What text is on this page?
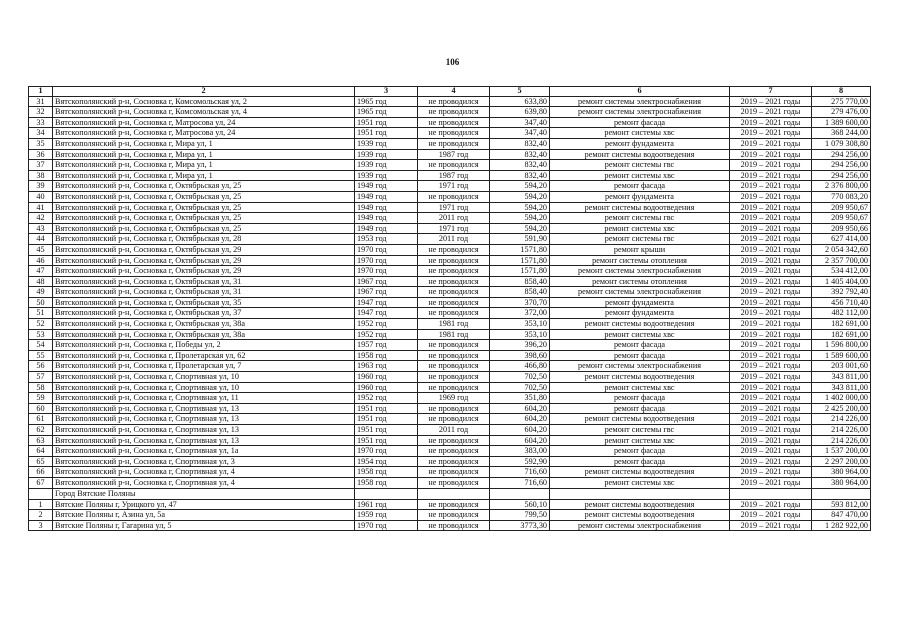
106
1	2	3	4	5	6	7	8
31	Вятскополянский р-н, Сосновка г, Комсомольская ул, 2	1965 год	не проводился	633,80	ремонт системы электроснабжения	2019 – 2021 годы	275 770,00
32	Вятскополянский р-н, Сосновка г, Комсомольская ул, 4	1965 год	не проводился	639,80	ремонт системы электроснабжения	2019 – 2021 годы	279 476,00
33	Вятскополянский р-н, Сосновка г, Матросова ул, 24	1951 год	не проводился	347,40	ремонт фасада	2019 – 2021 годы	1 389 600,00
34	Вятскополянский р-н, Сосновка г, Матросова ул, 24	1951 год	не проводился	347,40	ремонт системы хвс	2019 – 2021 годы	368 244,00
35	Вятскополянский р-н, Сосновка г, Мира ул, 1	1939 год	не проводился	832,40	ремонт фундамента	2019 – 2021 годы	1 079 308,80
36	Вятскополянский р-н, Сосновка г, Мира ул, 1	1939 год	1987 год	832,40	ремонт системы водоотведения	2019 – 2021 годы	294 256,00
37	Вятскополянский р-н, Сосновка г, Мира ул, 1	1939 год	не проводился	832,40	ремонт системы гвс	2019 – 2021 годы	294 256,00
38	Вятскополянский р-н, Сосновка г, Мира ул, 1	1939 год	1987 год	832,40	ремонт системы хвс	2019 – 2021 годы	294 256,00
39	Вятскополянский р-н, Сосновка г, Октябрьская ул, 25	1949 год	1971 год	594,20	ремонт фасада	2019 – 2021 годы	2 376 800,00
40	Вятскополянский р-н, Сосновка г, Октябрьская ул, 25	1949 год	не проводился	594,20	ремонт фундамента	2019 – 2021 годы	770 083,20
41	Вятскополянский р-н, Сосновка г, Октябрьская ул, 25	1949 год	1971 год	594,20	ремонт системы водоотведения	2019 – 2021 годы	209 950,67
42	Вятскополянский р-н, Сосновка г, Октябрьская ул, 25	1949 год	2011 год	594,20	ремонт системы гвс	2019 – 2021 годы	209 950,67
43	Вятскополянский р-н, Сосновка г, Октябрьская ул, 25	1949 год	1971 год	594,20	ремонт системы хвс	2019 – 2021 годы	209 950,66
44	Вятскополянский р-н, Сосновка г, Октябрьская ул, 28	1953 год	2011 год	591,90	ремонт системы гвс	2019 – 2021 годы	627 414,00
45	Вятскополянский р-н, Сосновка г, Октябрьская ул, 29	1970 год	не проводился	1571,80	ремонт крыши	2019 – 2021 годы	2 054 342,60
46	Вятскополянский р-н, Сосновка г, Октябрьская ул, 29	1970 год	не проводился	1571,80	ремонт системы отопления	2019 – 2021 годы	2 357 700,00
47	Вятскополянский р-н, Сосновка г, Октябрьская ул, 29	1970 год	не проводился	1571,80	ремонт системы электроснабжения	2019 – 2021 годы	534 412,00
48	Вятскополянский р-н, Сосновка г, Октябрьская ул, 31	1967 год	не проводился	858,40	ремонт системы отопления	2019 – 2021 годы	1 405 404,00
49	Вятскополянский р-н, Сосновка г, Октябрьская ул, 31	1967 год	не проводился	858,40	ремонт системы электроснабжения	2019 – 2021 годы	392 792,40
50	Вятскополянский р-н, Сосновка г, Октябрьская ул, 35	1947 год	не проводился	370,70	ремонт фундамента	2019 – 2021 годы	456 710,40
51	Вятскополянский р-н, Сосновка г, Октябрьская ул, 37	1947 год	не проводился	372,00	ремонт фундамента	2019 – 2021 годы	482 112,00
52	Вятскополянский р-н, Сосновка г, Октябрьская ул, 38а	1952 год	1981 год	353,10	ремонт системы водоотведения	2019 – 2021 годы	182 691,00
53	Вятскополянский р-н, Сосновка г, Октябрьская ул, 38а	1952 год	1981 год	353,10	ремонт системы хвс	2019 – 2021 годы	182 691,00
54	Вятскополянский р-н, Сосновка г, Победы ул, 2	1957 год	не проводился	396,20	ремонт фасада	2019 – 2021 годы	1 596 800,00
55	Вятскополянский р-н, Сосновка г, Пролетарская ул, 62	1958 год	не проводился	398,60	ремонт фасада	2019 – 2021 годы	1 589 600,00
56	Вятскополянский р-н, Сосновка г, Пролетарская ул, 7	1963 год	не проводился	466,80	ремонт системы электроснабжения	2019 – 2021 годы	203 001,60
57	Вятскополянский р-н, Сосновка г, Спортивная ул, 10	1960 год	не проводился	702,50	ремонт системы водоотведения	2019 – 2021 годы	343 811,00
58	Вятскополянский р-н, Сосновка г, Спортивная ул, 10	1960 год	не проводился	702,50	ремонт системы хвс	2019 – 2021 годы	343 811,00
59	Вятскополянский р-н, Сосновка г, Спортивная ул, 11	1952 год	1969 год	351,80	ремонт фасада	2019 – 2021 годы	1 402 000,00
60	Вятскополянский р-н, Сосновка г, Спортивная ул, 13	1951 год	не проводился	604,20	ремонт фасада	2019 – 2021 годы	2 425 200,00
61	Вятскополянский р-н, Сосновка г, Спортивная ул, 13	1951 год	не проводился	604,20	ремонт системы водоотведения	2019 – 2021 годы	214 226,00
62	Вятскополянский р-н, Сосновка г, Спортивная ул, 13	1951 год	2011 год	604,20	ремонт системы гвс	2019 – 2021 годы	214 226,00
63	Вятскополянский р-н, Сосновка г, Спортивная ул, 13	1951 год	не проводился	604,20	ремонт системы хвс	2019 – 2021 годы	214 226,00
64	Вятскополянский р-н, Сосновка г, Спортивная ул, 1а	1970 год	не проводился	383,00	ремонт фасада	2019 – 2021 годы	1 537 200,00
65	Вятскополянский р-н, Сосновка г, Спортивная ул, 3	1954 год	не проводился	592,90	ремонт фасада	2019 – 2021 годы	2 297 200,00
66	Вятскополянский р-н, Сосновка г, Спортивная ул, 4	1958 год	не проводился	716,60	ремонт системы водоотведения	2019 – 2021 годы	380 964,00
67	Вятскополянский р-н, Сосновка г, Спортивная ул, 4	1958 год	не проводился	716,60	ремонт системы хвс	2019 – 2021 годы	380 964,00
	Город Вятские Поляны						
1	Вятские Поляны г, Урицкого ул, 47	1961 год	не проводился	560,10	ремонт системы водоотведения	2019 – 2021 годы	593 812,00
2	Вятские Поляны г, Азина ул, 5а	1959 год	не проводился	799,50	ремонт системы водоотведения	2019 – 2021 годы	847 470,00
3	Вятские Поляны г, Гагарина ул, 5	1970 год	не проводился	3773,30	ремонт системы электроснабжения	2019 – 2021 годы	1 282 922,00
